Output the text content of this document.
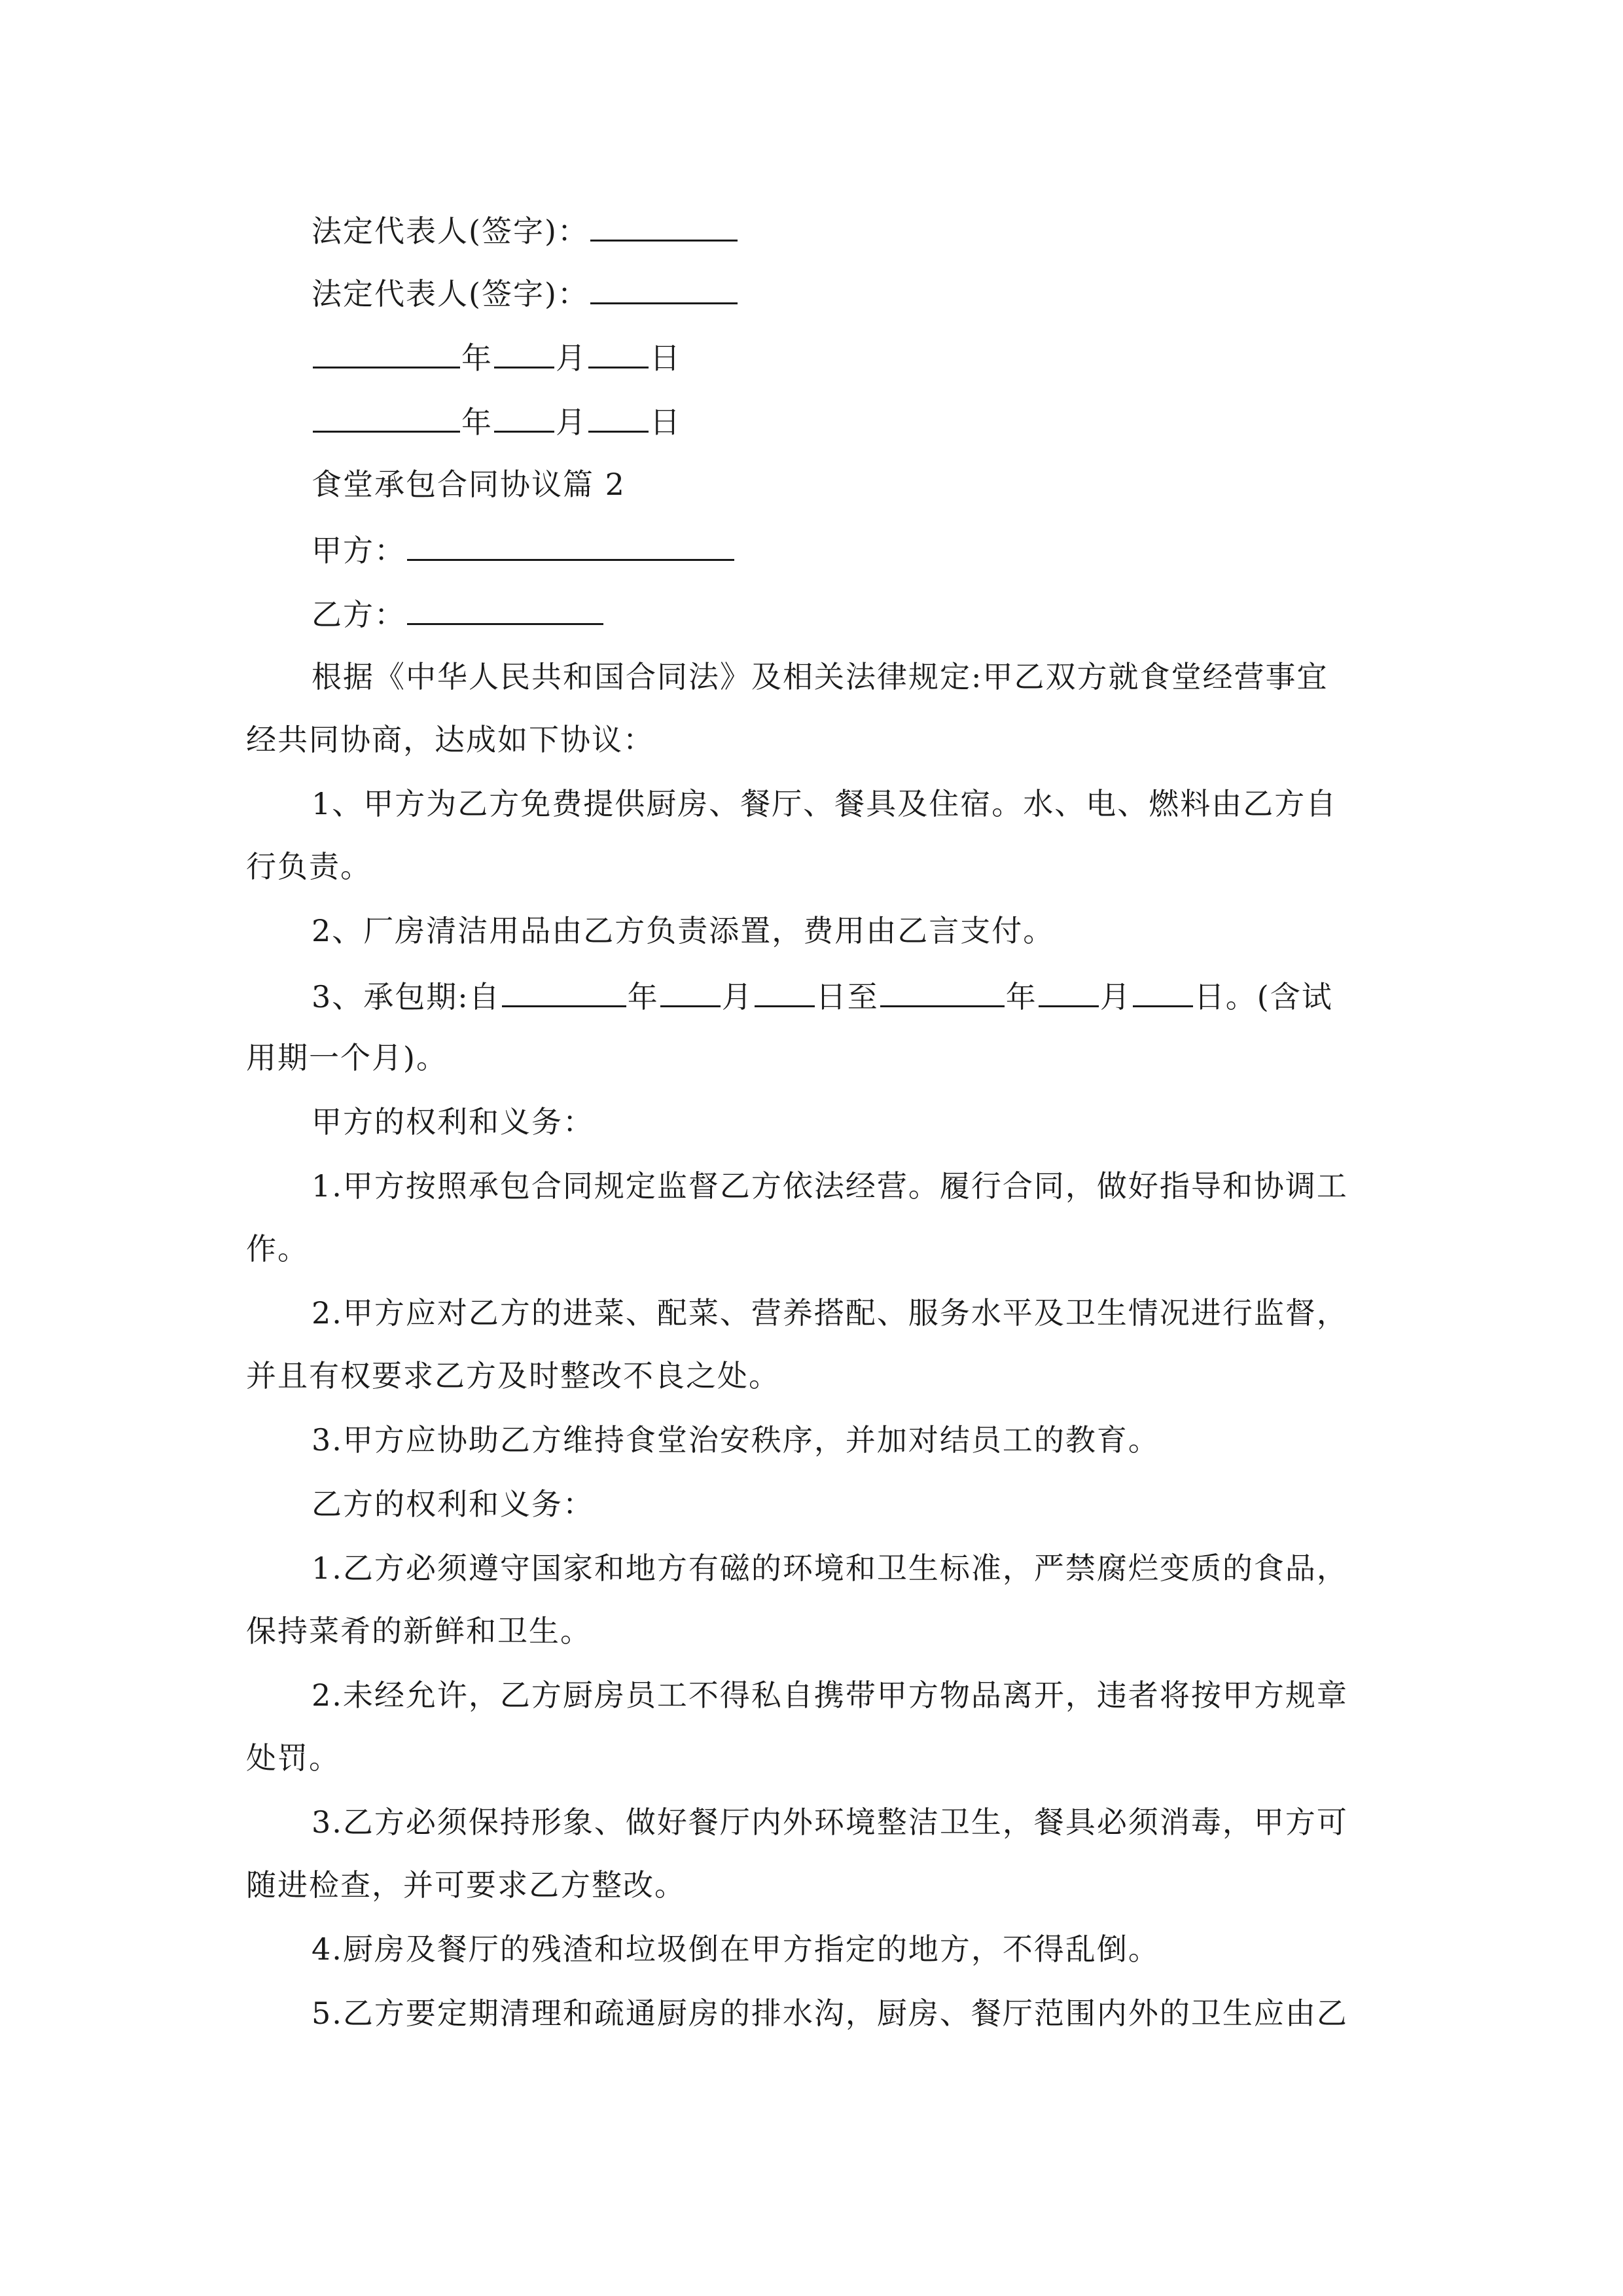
法定代表人(签字)：
法定代表人(签字)：
年 月 日
年 月 日
食堂承包合同协议篇 2
甲方：
乙方：
根据《中华人民共和国合同法》及相关法律规定:甲乙双方就食堂经营事宜
经共同协商，达成如下协议：
1、甲方为乙方免费提供厨房、餐厅、餐具及住宿。水、电、燃料由乙方自
行负责。
2、厂房清洁用品由乙方负责添置，费用由乙言支付。
3、承包期:自	年 月 日至	年 月 日。(含试
用期一个月)。
甲方的权利和义务：
1.甲方按照承包合同规定监督乙方依法经营。履行合同，做好指导和协调工
作。
2.甲方应对乙方的进菜、配菜、营养搭配、服务水平及卫生情况进行监督，
并且有权要求乙方及时整改不良之处。
3.甲方应协助乙方维持食堂治安秩序，并加对结员工的教育。
乙方的权利和义务：
1.乙方必须遵守国家和地方有磁的环境和卫生标准，严禁腐烂变质的食品，
保持菜肴的新鲜和卫生。
2.未经允许，乙方厨房员工不得私自携带甲方物品离开，违者将按甲方规章
处罚。
3.乙方必须保持形象、做好餐厅内外环境整洁卫生，餐具必须消毒，甲方可
随进检查，并可要求乙方整改。
4.厨房及餐厅的残渣和垃圾倒在甲方指定的地方，不得乱倒。
5.乙方要定期清理和疏通厨房的排水沟，厨房、餐厅范围内外的卫生应由乙
